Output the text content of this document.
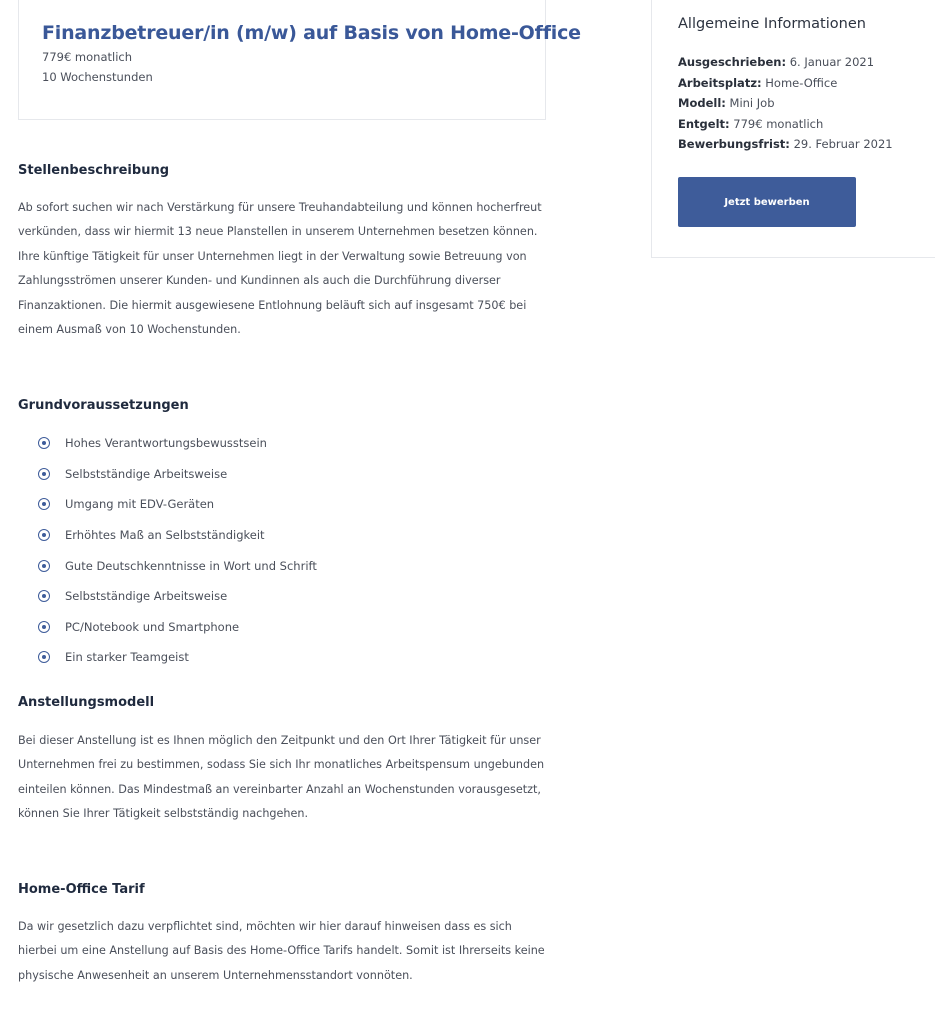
Finanzbetreuer/in (m/w) auf Basis von Home-Office
779€ monatlich
10 Wochenstunden
Allgemeine Informationen
Ausgeschrieben: 6. Januar 2021
Arbeitsplatz: Home-Office
Modell: Mini Job
Entgelt: 779€ monatlich
Bewerbungsfrist: 29. Februar 2021
Jetzt bewerben
Stellenbeschreibung

Ab sofort suchen wir nach Verstärkung für unsere Treuhandabteilung und können hocherfreut verkünden, dass wir hiermit 13 neue Planstellen in unserem Unternehmen besetzen können. Ihre künftige Tätigkeit für unser Unternehmen liegt in der Verwaltung sowie Betreuung von Zahlungsströmen unserer Kunden- und Kundinnen als auch die Durchführung diverser Finanzaktionen. Die hiermit ausgewiesene Entlohnung beläuft sich auf insgesamt 750€ bei einem Ausmaß von 10 Wochenstunden.

Grundvoraussetzungen
Hohes Verantwortungsbewusstsein
Selbstständige Arbeitsweise
Umgang mit EDV-Geräten
Erhöhtes Maß an Selbstständigkeit
Gute Deutschkenntnisse in Wort und Schrift
Selbstständige Arbeitsweise
PC/Notebook und Smartphone
Ein starker Teamgeist
Anstellungsmodell

Bei dieser Anstellung ist es Ihnen möglich den Zeitpunkt und den Ort Ihrer Tätigkeit für unser Unternehmen frei zu bestimmen, sodass Sie sich Ihr monatliches Arbeitspensum ungebunden einteilen können. Das Mindestmaß an vereinbarter Anzahl an Wochenstunden vorausgesetzt, können Sie Ihrer Tätigkeit selbstständig nachgehen.

Home-Office Tarif

Da wir gesetzlich dazu verpflichtet sind, möchten wir hier darauf hinweisen dass es sich hierbei um eine Anstellung auf Basis des Home-Office Tarifs handelt. Somit ist Ihrerseits keine physische Anwesenheit an unserem Unternehmensstandort vonnöten.
